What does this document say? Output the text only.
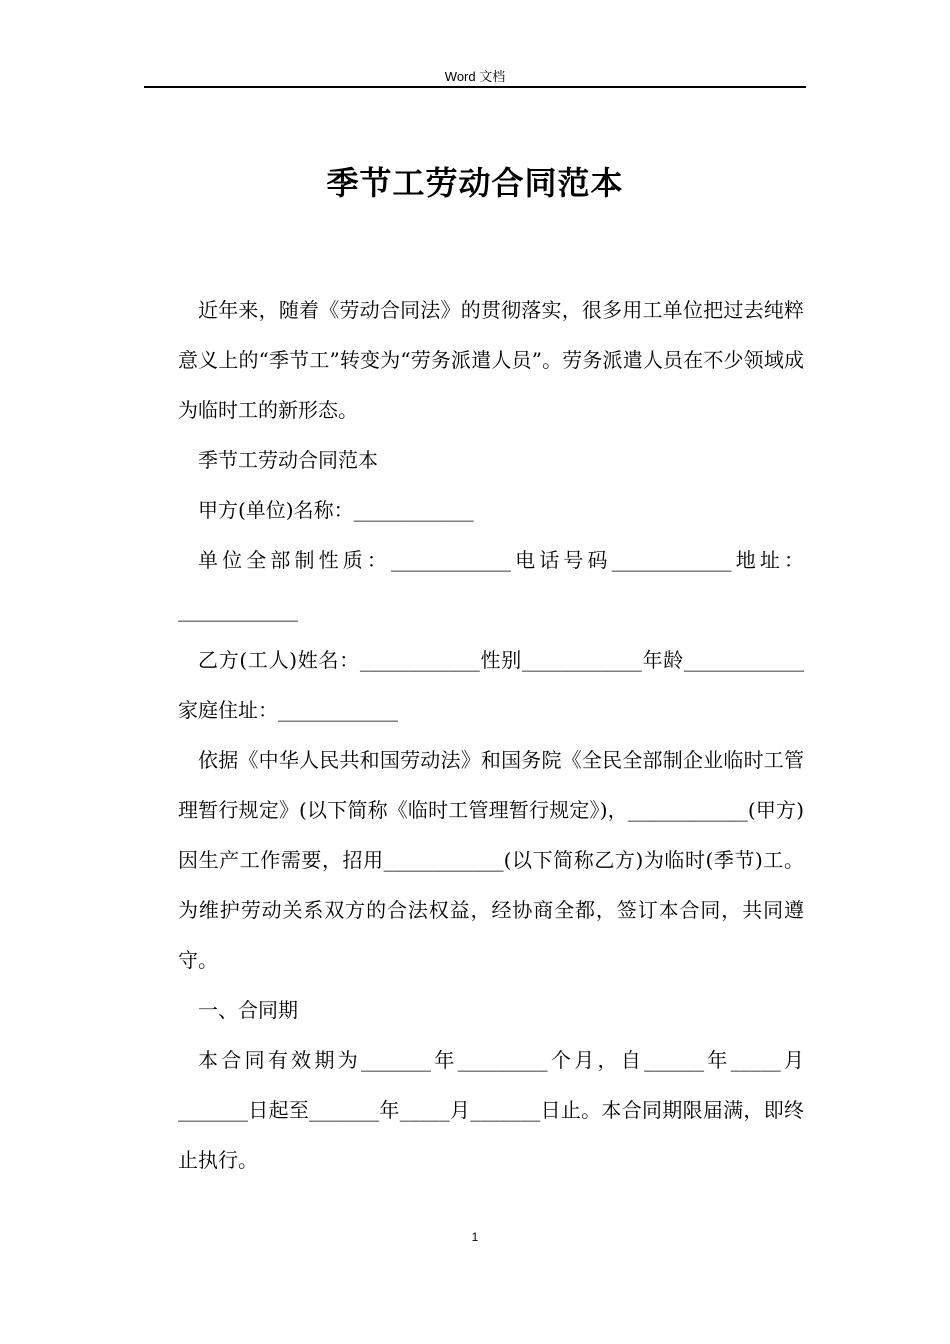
Word 文档
季节工劳动合同范本

近年来，随着《劳动合同法》的贯彻落实，很多用工单位把过去纯粹意义上的“季节工”转变为“劳务派遣人员”。劳务派遣人员在不少领域成为临时工的新形态。

季节工劳动合同范本

甲方(单位)名称：____________

单位全部制性质：____________电话号码____________地址：____________

乙方(工人)姓名：____________性别____________年龄____________家庭住址：____________

依据《中华人民共和国劳动法》和国务院《全民全部制企业临时工管理暂行规定》(以下简称《临时工管理暂行规定》)，____________(甲方)因生产工作需要，招用____________(以下简称乙方)为临时(季节)工。为维护劳动关系双方的合法权益，经协商全都，签订本合同，共同遵守。

一、合同期

本合同有效期为_______年_________个月，自______年_____月_______日起至_______年_____月_______日止。本合同期限届满，即终止执行。

1
